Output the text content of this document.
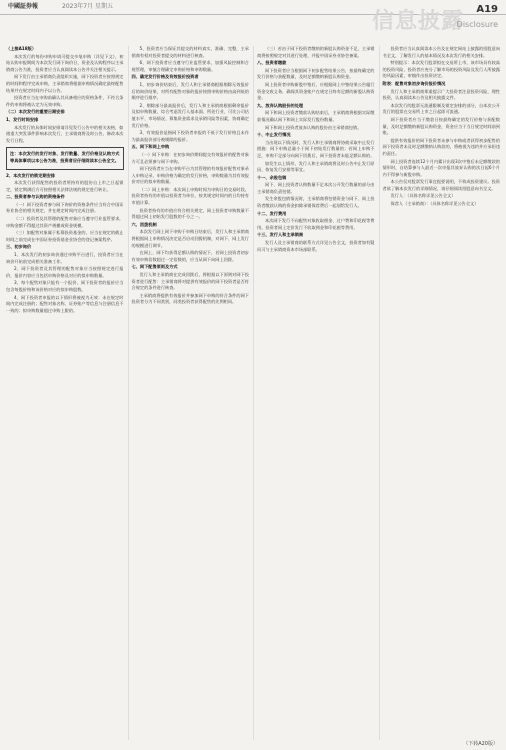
中國証券報	2023年7月 星期五
信息披露 A19
Disclosure

（上接A18版）

本次发行的每份申购申请可提交多笔申购（详见下文），初始认购申报期间为本次发行网下询价日，资金及认购程序以主承销商公告为准，投资者应当认真阅读本公告并关注相关提示。

网下发行由主承销商负责组织实施，网下投资者应按照规定的时间和程序完成申购，主承销商将根据申购情况确定最终配售结果并在规定时间内予以公告。

投资者应当在申购前确认其具备相应的资格条件，不符合条件的申购将被认定为无效申购。

（二）本次发行的重要日期安排

1、发行时间安排

本次发行的具体时间安排请详见发行公告中的相关表格，如遇重大突发事件影响本次发行，主承销商将及时公告，修改本次发行日程。

注：本次发行的发行对象、发行数量、发行价格及认购方式等具体事项以本公告为准，投资者应仔细阅读本公告全文。

2、本次发行的锁定期安排

本次发行获得配售的投资者所持有的股份自上市之日起锁定，锁定期满后方可按照相关法律法规的规定进行转让。

二、投资者参与认购的资格条件

（一）网下投资者参与网下询价的资格条件应当符合中国证券业协会的相关规定，并在规定时间内完成注册。

（二）投资者及其管理的配售对象应当遵守行业监管要求，申购金额不得超过其资产规模或资金规模。

（三）如配售对象属于私募投资基金的，应当在规定的截止时间之前完成在中国证券投资基金业协会的登记备案程序。

三、初步询价

1、本次发行的初步询价通过申购平台进行，投资者应当在询价开始前完成相关准备工作。

2、网下投资者及其管理的配售对象应当按照规定进行报价，报价内容应当包括申购价格及对应的拟申购数量。

3、每个配售对象只能有一个报价，网下投资者的报价应当包含每股价格和该价格对应的拟申购股数。

4、网下投资者申报的以下情形将被视为无效：未在规定时间内完成注册的；配售对象名称、证券账户等信息与注册信息不一致的；拟申购数量超过申购上限的。

5、投资者应当保证其提交的材料真实、准确、完整，主承销商有权对投资者提交的材料进行核查。

6、网下投资者应当遵守行业监管要求，加强风险控制和合规管理，审慎合理确定申购价格和申购数量。

四、确定发行价格及有效报价投资者

1、初步询价结束后，发行人和主承销商根据剔除无效报价后的询价结果，对所有配售对象的报价按照申购价格由高到低的顺序进行排序。

2、剔除部分最高报价后，发行人和主承销商根据剩余报价及拟申购数量，综合考虑发行人基本面、所处行业、可比公司估值水平、市场情况、募集资金需求及承销风险等因素，协商确定发行价格。

3、有效报价是指网下投资者申报的不低于发行价格且未作为最高报价部分被剔除的报价。

五、网下和网上申购

（一）网下申购：在初步询价期间提交有效报价的配售对象方可且必须参与网下申购。

网下投资者应当在申购平台为其管理的有效报价配售对象录入申购记录，申购价格为确定的发行价格，申购数量为其有效报价对应的拟申购数量。

（二）网上申购：本次网上申购时间为申购日的交易时段。投资者持有的市值以投资者为单位，按其规定时间内的日均持有市值计算。

投资者持有的市值应符合相关规定，网上投资者申购数量不得超过网上初始发行股数的千分之一。

六、回拨机制

本次发行网上网下申购于申购日结束后，发行人和主承销商将根据网上申购情况决定是否启动回拨机制，对网下、网上发行的规模进行调节。

在网上、网下均获得足额认购的情况下，若网上投资者初步有效申购倍数超过一定倍数的，应当从网下向网上回拨。

七、网下配售原则及方式

发行人和主承销商在完成回拨后，将根据以下原则对网下投资者进行配售：主承销商将对提供有效报价的网下投资者是否符合规定的条件进行核查。

主承销商将提供有效报价并参加网下申购的符合条件的网下投资者分为不同类别，同类投资者获得配售的比例相同。

（三）若由于网下投资者缴纳的新股认购资金不足，主承销商将按照规定对其进行处理，并报中国证券业协会备案。

八、投资者缴款

网下投资者应当根据网下初步配售结果公告，按最终确定的发行价格与获配数量，及时足额缴纳新股认购资金。

网上投资者申购新股中签后，应根据网上中签结果公告履行资金交收义务，确保其资金账户在规定日终有足额的新股认购资金。

九、放弃认购股份的处理

网下和网上投资者缴款认购结束后，主承销商将根据实际缴款情况确认网下和网上实际发行股份数量。

网下和网上投资者放弃认购的股份由主承销商包销。

十、中止发行情况

当出现以下情况时，发行人和主承销商将协商采取中止发行措施：网下申购总量小于网下初始发行数量的；若网上申购不足，申购不足部分向网下回拨后，网下投资者未能足额认购的。

如发生以上情形，发行人和主承销商将及时公告中止发行原因、恢复发行安排等事宜。

十一、余股包销

网下、网上投资者认购数量不足本次公开发行数量的部分由主承销商负责包销。

发生余股包销情况时，主承销商将包销资金与网下、网上投资者缴款认购的资金扣除承销保荐费后一起划给发行人。

十二、发行费用

本次网下发行不向配售对象收取佣金、过户费和印花税等费用。投资者网上定价发行不收取佣金和印花税等费用。

十三、发行人和主承销商

发行人及主承销商的联系方式详见公告全文，投资者如有疑问可与主承销商资本市场部联系。

投资者应当认真阅读本公告及在规定网站上披露的招股意向书全文，了解发行人的基本情况及本次发行的相关安排。

特别提示：本次发行股票拟在交易所上市，该市场具有较高的投资风险，投资者应充分了解市场的投资风险及发行人所披露的风险因素，审慎作出投资决定。

附表：配售对象初步询价报价情况

发行人和主承销商郑重提示广大投资者注意投资风险，理性投资，认真阅读本公告及相关披露文件。

本次发行的股票无流通限制及锁定安排的部分，自本次公开发行的股票在交易所上市之日起即可流通。

网下投资者应当于缴款日按最终确定的发行价格与获配数量，及时足额缴纳新股认购资金，资金应当于当日规定时间前到账。

提供有效报价的网下投资者未参与申购或者获得初步配售的网下投资者未及时足额缴纳认购款的，将被视为违约并应承担违约责任。

网上投资者连续12个月内累计出现3次中签后未足额缴款的情形时，自结算参与人最近一次申报其放弃认购的次日起6个月内不得参与新股申购。

本公告仅对股票发行事宜扼要说明，不构成投资建议。投资者欲了解本次发行的详细情况，请仔细阅读招股意向书全文。

发行人：（具体名称详见公告全文）

保荐人（主承销商）：（具体名称详见公告全文）

（下转A20版）
